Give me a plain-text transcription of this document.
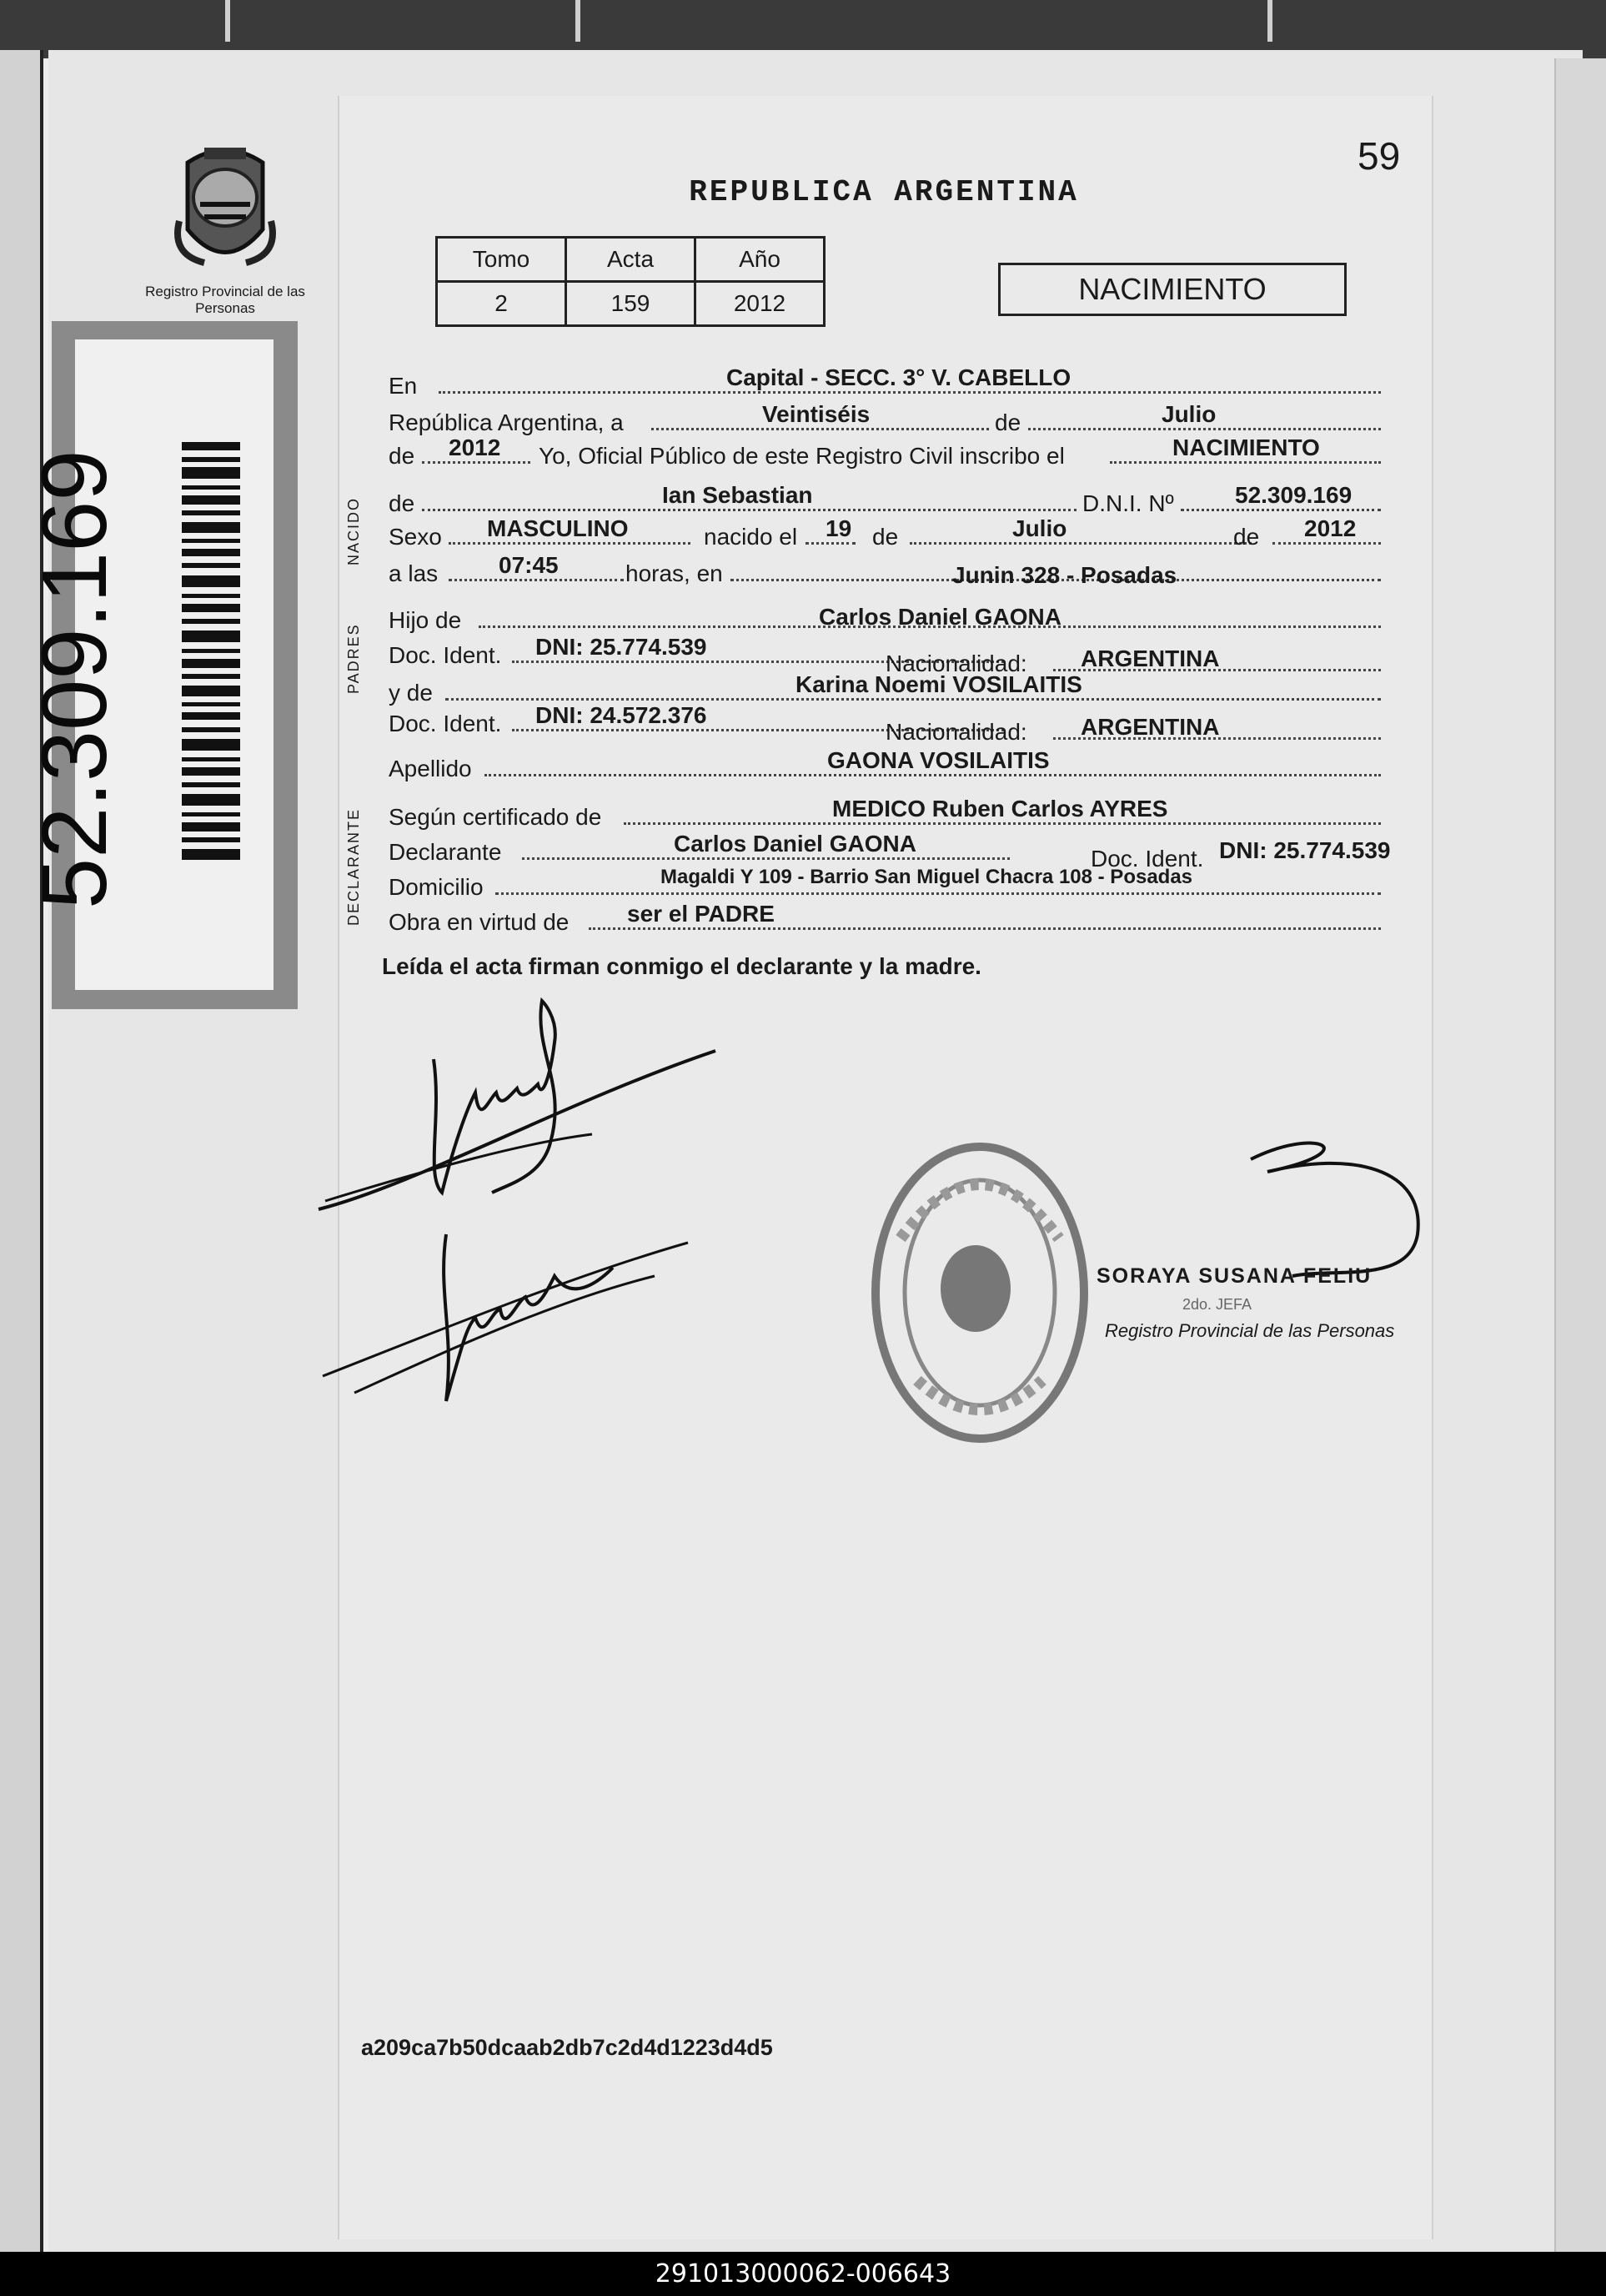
Registro Provincial de las Personas
52.309.169
59
REPUBLICA ARGENTINA
Tomo	Acta	Año
2	159	2012	NACIMIENTO
NACIDO
PADRES
DECLARANTE
En	Capital - SECC. 3° V. CABELLO
República Argentina, a	Veintiséis	de	Julio
de 2012 Yo, Oficial Público de este Registro Civil inscribo el	NACIMIENTO
de	Ian Sebastian	D.N.I. Nº	52.309.169
Sexo MASCULINO	nacido el 19 de	Julio	de 2012
a las	07:45	horas, en	Junin 328 - Posadas
Hijo de	Carlos Daniel GAONA
Doc. Ident. DNI: 25.774.539
Nacionalidad: ARGENTINA
y de	Karina Noemi VOSILAITIS
Doc. Ident. DNI: 24.572.376
Nacionalidad: ARGENTINA
Apellido	GAONA VOSILAITIS
Según certificado de	MEDICO Ruben Carlos AYRES
Declarante	Carlos Daniel GAONA
Doc. Ident. DNI: 25.774.539
Domicilio	Magaldi Y 109 - Barrio San Miguel Chacra 108 - Posadas
Obra en virtud de ser el PADRE
Leída el acta firman conmigo el declarante y la madre.
SORAYA SUSANA FELIU
2do. JEFA
Registro Provincial de las Personas
a209ca7b50dcaab2db7c2d4d1223d4d5
291013000062-006643
